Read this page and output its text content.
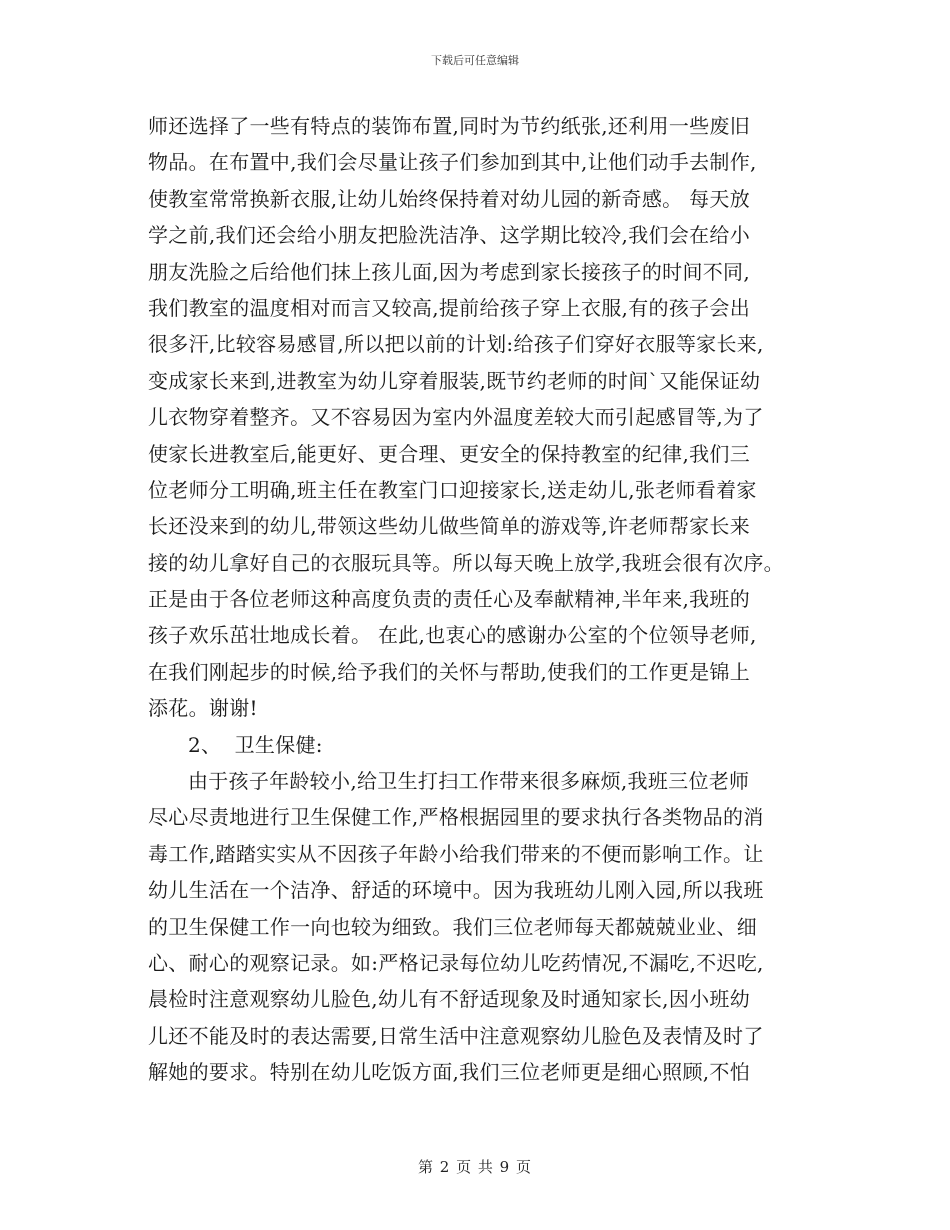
下载后可任意编辑
师还选择了一些有特点的装饰布置,同时为节约纸张,还利用一些废旧
物品。在布置中,我们会尽量让孩子们参加到其中,让他们动手去制作,
使教室常常换新衣服,让幼儿始终保持着对幼儿园的新奇感。 每天放
学之前,我们还会给小朋友把脸洗洁净、这学期比较冷,我们会在给小
朋友洗脸之后给他们抹上孩儿面,因为考虑到家长接孩子的时间不同,
我们教室的温度相对而言又较高,提前给孩子穿上衣服,有的孩子会出
很多汗,比较容易感冒,所以把以前的计划:给孩子们穿好衣服等家长来,
变成家长来到,进教室为幼儿穿着服装,既节约老师的时间`又能保证幼
儿衣物穿着整齐。又不容易因为室内外温度差较大而引起感冒等,为了
使家长进教室后,能更好、更合理、更安全的保持教室的纪律,我们三
位老师分工明确,班主任在教室门口迎接家长,送走幼儿,张老师看着家
长还没来到的幼儿,带领这些幼儿做些简单的游戏等,许老师帮家长来
接的幼儿拿好自己的衣服玩具等。所以每天晚上放学,我班会很有次序。
正是由于各位老师这种高度负责的责任心及奉献精神,半年来,我班的
孩子欢乐茁壮地成长着。 在此,也衷心的感谢办公室的个位领导老师,
在我们刚起步的时候,给予我们的关怀与帮助,使我们的工作更是锦上
添花。谢谢!
2、  卫生保健:
由于孩子年龄较小,给卫生打扫工作带来很多麻烦,我班三位老师
尽心尽责地进行卫生保健工作,严格根据园里的要求执行各类物品的消
毒工作,踏踏实实从不因孩子年龄小给我们带来的不便而影响工作。让
幼儿生活在一个洁净、舒适的环境中。因为我班幼儿刚入园,所以我班
的卫生保健工作一向也较为细致。我们三位老师每天都兢兢业业、细
心、耐心的观察记录。如:严格记录每位幼儿吃药情况,不漏吃,不迟吃,
晨检时注意观察幼儿脸色,幼儿有不舒适现象及时通知家长,因小班幼
儿还不能及时的表达需要,日常生活中注意观察幼儿脸色及表情及时了
解她的要求。特别在幼儿吃饭方面,我们三位老师更是细心照顾,不怕
第 2 页 共 9 页
